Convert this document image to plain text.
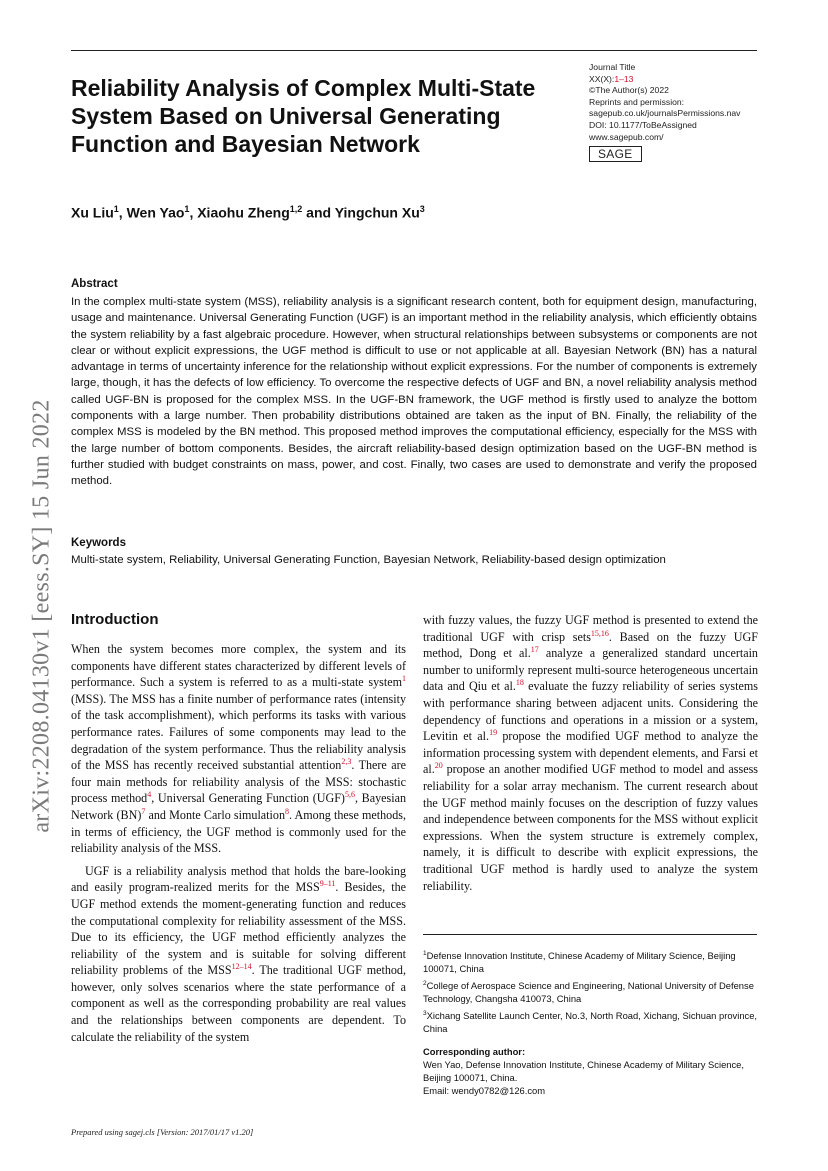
arXiv:2208.04130v1 [eess.SY] 15 Jun 2022
Reliability Analysis of Complex Multi-State System Based on Universal Generating Function and Bayesian Network
Journal Title
XX(X):1–13
©The Author(s) 2022
Reprints and permission:
sagepub.co.uk/journalsPermissions.nav
DOI: 10.1177/ToBeAssigned
www.sagepub.com/
SAGE
Xu Liu$^1$, Wen Yao$^1$, Xiaohu Zheng$^{1,2}$ and Yingchun Xu$^3$
Abstract

In the complex multi-state system (MSS), reliability analysis is a significant research content, both for equipment design, manufacturing, usage and maintenance. Universal Generating Function (UGF) is an important method in the reliability analysis, which efficiently obtains the system reliability by a fast algebraic procedure. However, when structural relationships between subsystems or components are not clear or without explicit expressions, the UGF method is difficult to use or not applicable at all. Bayesian Network (BN) has a natural advantage in terms of uncertainty inference for the relationship without explicit expressions. For the number of components is extremely large, though, it has the defects of low efficiency. To overcome the respective defects of UGF and BN, a novel reliability analysis method called UGF-BN is proposed for the complex MSS. In the UGF-BN framework, the UGF method is firstly used to analyze the bottom components with a large number. Then probability distributions obtained are taken as the input of BN. Finally, the reliability of the complex MSS is modeled by the BN method. This proposed method improves the computational efficiency, especially for the MSS with the large number of bottom components. Besides, the aircraft reliability-based design optimization based on the UGF-BN method is further studied with budget constraints on mass, power, and cost. Finally, two cases are used to demonstrate and verify the proposed method.

Keywords

Multi-state system, Reliability, Universal Generating Function, Bayesian Network, Reliability-based design optimization

Introduction

When the system becomes more complex, the system and its components have different states characterized by different levels of performance. Such a system is referred to as a multi-state system$^1$ (MSS). The MSS has a finite number of performance rates (intensity of the task accomplishment), which performs its tasks with various performance rates. Failures of some components may lead to the degradation of the system performance. Thus the reliability analysis of the MSS has recently received substantial attention$^{2,3}$. There are four main methods for reliability analysis of the MSS: stochastic process method$^4$, Universal Generating Function (UGF)$^{5,6}$, Bayesian Network (BN)$^7$ and Monte Carlo simulation$^8$. Among these methods, in terms of efficiency, the UGF method is commonly used for the reliability analysis of the MSS.

UGF is a reliability analysis method that holds the bare-looking and easily program-realized merits for the MSS$^{9-11}$. Besides, the UGF method extends the moment-generating function and reduces the computational complexity for reliability assessment of the MSS. Due to its efficiency, the UGF method efficiently analyzes the reliability of the system and is suitable for solving different reliability problems of the MSS$^{12-14}$. The traditional UGF method, however, only solves scenarios where the state performance of a component as well as the corresponding probability are real values and the relationships between components are dependent. To calculate the reliability of the system

with fuzzy values, the fuzzy UGF method is presented to extend the traditional UGF with crisp sets$^{15,16}$. Based on the fuzzy UGF method, Dong et al.$^{17}$ analyze a generalized standard uncertain number to uniformly represent multi-source heterogeneous uncertain data and Qiu et al.$^{18}$ evaluate the fuzzy reliability of series systems with performance sharing between adjacent units. Considering the dependency of functions and operations in a mission or a system, Levitin et al.$^{19}$ propose the modified UGF method to analyze the information processing system with dependent elements, and Farsi et al.$^{20}$ propose an another modified UGF method to model and assess reliability for a solar array mechanism. The current research about the UGF method mainly focuses on the description of fuzzy values and independence between components for the MSS without explicit expressions. When the system structure is extremely complex, namely, it is difficult to describe with explicit expressions, the traditional UGF method is hardly used to analyze the system reliability.

$^1$Defense Innovation Institute, Chinese Academy of Military Science, Beijing 100071, China
$^2$College of Aerospace Science and Engineering, National University of Defense Technology, Changsha 410073, China
$^3$Xichang Satellite Launch Center, No.3, North Road, Xichang, Sichuan province, China
Corresponding author:
Wen Yao, Defense Innovation Institute, Chinese Academy of Military Science, Beijing 100071, China.
Email: wendy0782@126.com
Prepared using sagej.cls [Version: 2017/01/17 v1.20]
